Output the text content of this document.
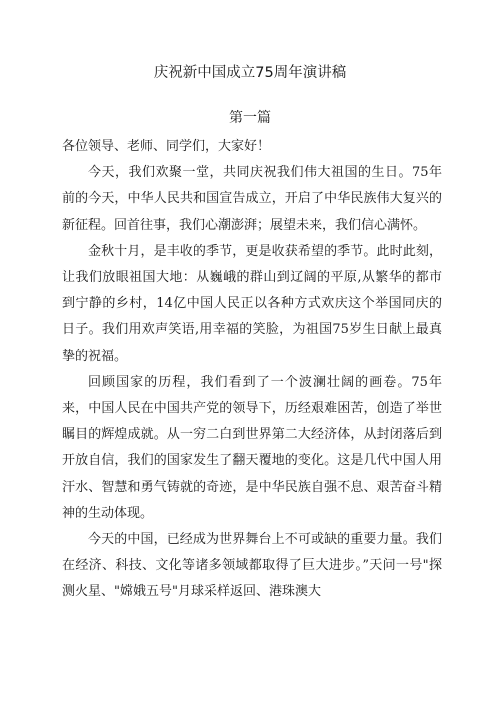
庆祝新中国成立75周年演讲稿
第一篇

各位领导、老师、同学们，大家好！

今天，我们欢聚一堂，共同庆祝我们伟大祖国的生日。75年前的今天，中华人民共和国宣告成立，开启了中华民族伟大复兴的新征程。回首往事，我们心潮澎湃；展望未来，我们信心满怀。

金秋十月，是丰收的季节，更是收获希望的季节。此时此刻，让我们放眼祖国大地：从巍峨的群山到辽阔的平原,从繁华的都市到宁静的乡村，14亿中国人民正以各种方式欢庆这个举国同庆的日子。我们用欢声笑语,用幸福的笑脸，为祖国75岁生日献上最真挚的祝福。

回顾国家的历程，我们看到了一个波澜壮阔的画卷。75年来，中国人民在中国共产党的领导下，历经艰难困苦，创造了举世瞩目的辉煌成就。从一穷二白到世界第二大经济体，从封闭落后到开放自信，我们的国家发生了翻天覆地的变化。这是几代中国人用汗水、智慧和勇气铸就的奇迹，是中华民族自强不息、艰苦奋斗精神的生动体现。

今天的中国，已经成为世界舞台上不可或缺的重要力量。我们在经济、科技、文化等诸多领域都取得了巨大进步。”天问一号"探测火星、"嫦娥五号"月球采样返回、港珠澳大
